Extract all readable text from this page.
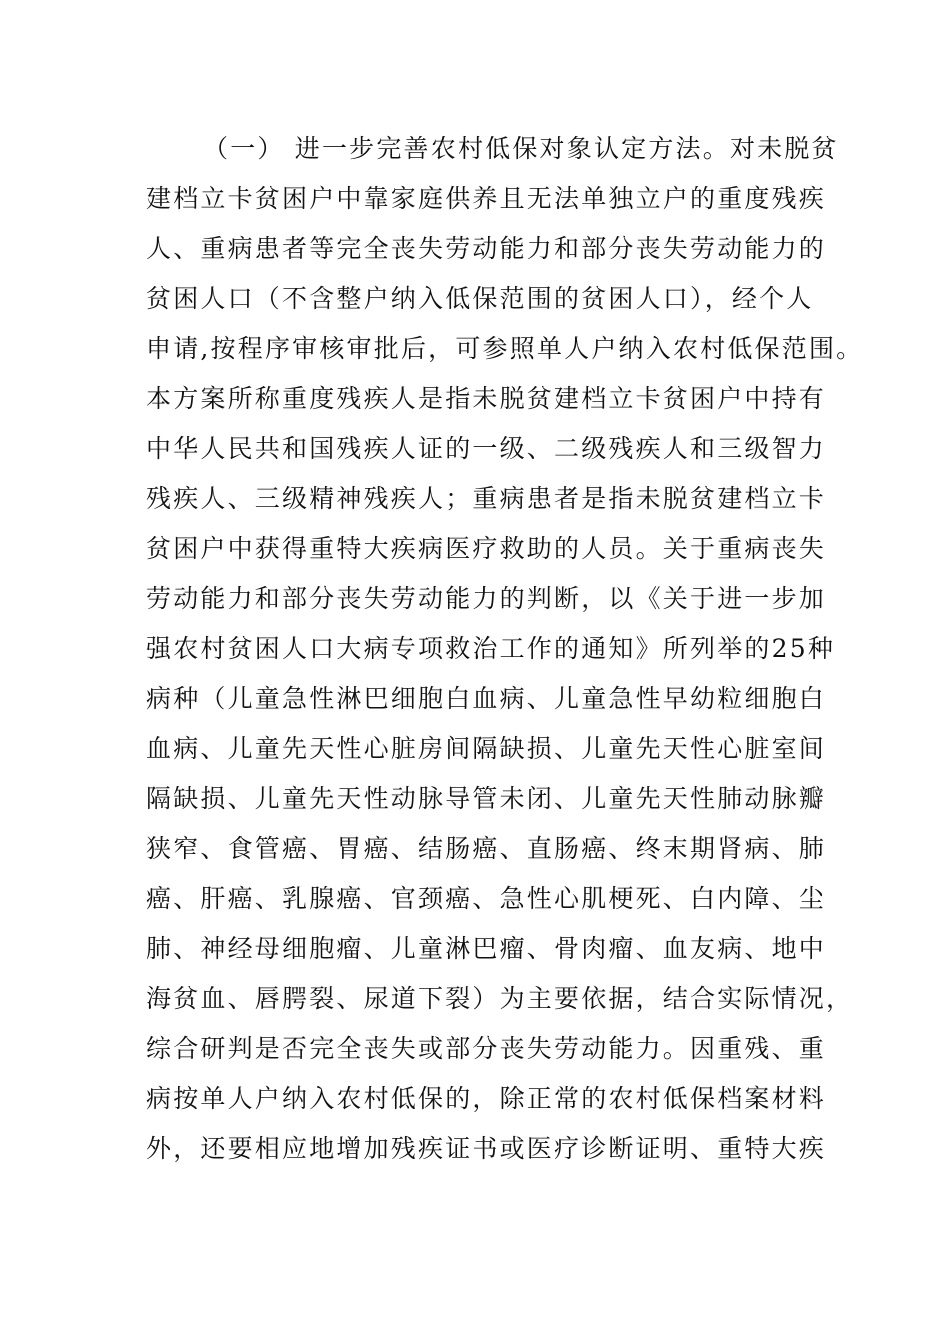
（一） 进一步完善农村低保对象认定方法。对未脱贫
建档立卡贫困户中靠家庭供养且无法单独立户的重度残疾
人、重病患者等完全丧失劳动能力和部分丧失劳动能力的
贫困人口（不含整户纳入低保范围的贫困人口），经个人
申请,按程序审核审批后，可参照单人户纳入农村低保范围。
本方案所称重度残疾人是指未脱贫建档立卡贫困户中持有
中华人民共和国残疾人证的一级、二级残疾人和三级智力
残疾人、三级精神残疾人；重病患者是指未脱贫建档立卡
贫困户中获得重特大疾病医疗救助的人员。关于重病丧失
劳动能力和部分丧失劳动能力的判断，以《关于进一步加
强农村贫困人口大病专项救治工作的通知》所列举的25种
病种（儿童急性淋巴细胞白血病、儿童急性早幼粒细胞白
血病、儿童先天性心脏房间隔缺损、儿童先天性心脏室间
隔缺损、儿童先天性动脉导管未闭、儿童先天性肺动脉瓣
狭窄、食管癌、胃癌、结肠癌、直肠癌、终末期肾病、肺
癌、肝癌、乳腺癌、官颈癌、急性心肌梗死、白内障、尘
肺、神经母细胞瘤、儿童淋巴瘤、骨肉瘤、血友病、地中
海贫血、唇腭裂、尿道下裂）为主要依据，结合实际情况，
综合研判是否完全丧失或部分丧失劳动能力。因重残、重
病按单人户纳入农村低保的，除正常的农村低保档案材料
外，还要相应地增加残疾证书或医疗诊断证明、重特大疾
